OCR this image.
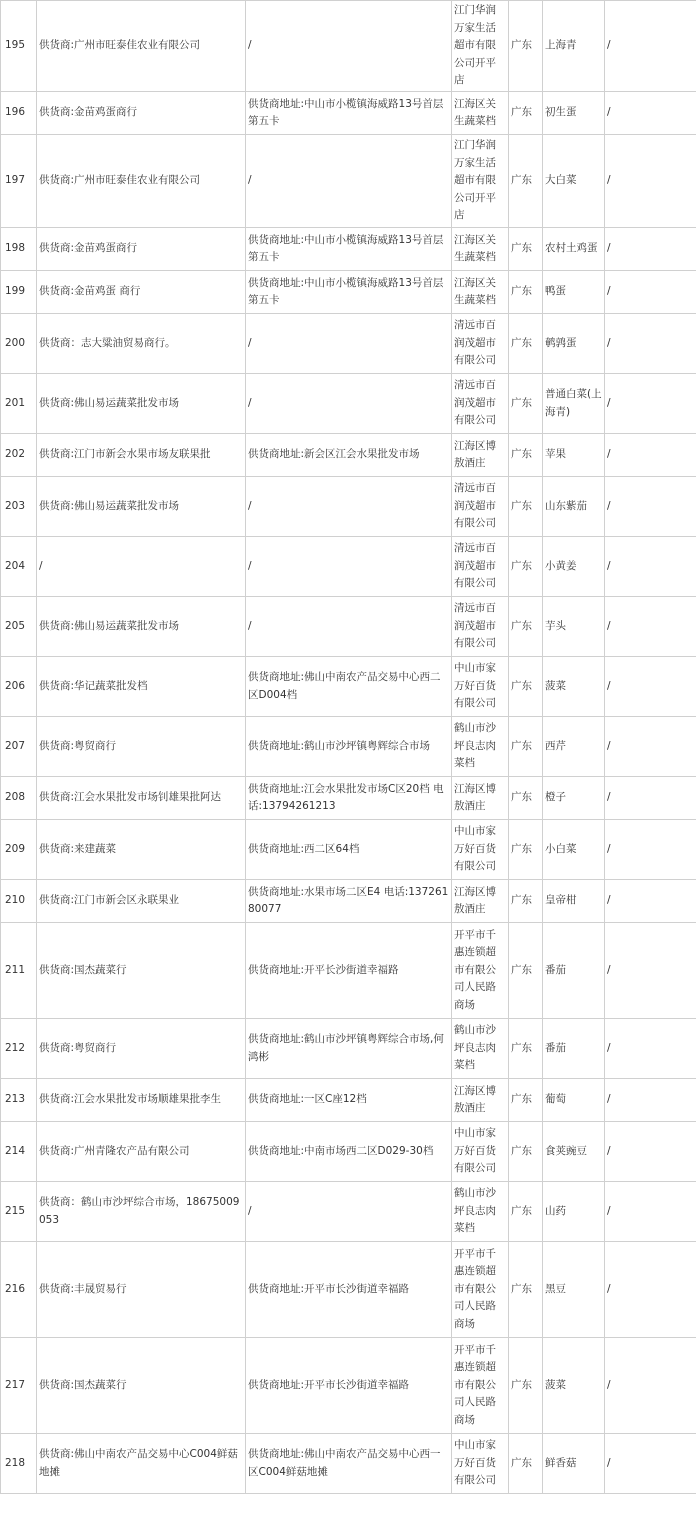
195	供货商:广州市旺泰佳农业有限公司	/	江门华润万家生活超市有限公司开平店	广东	上海青	/
196	供货商:金苗鸡蛋商行	供货商地址:中山市小榄镇海威路13号首层第五卡	江海区关生蔬菜档	广东	初生蛋	/
197	供货商:广州市旺泰佳农业有限公司	/	江门华润万家生活超市有限公司开平店	广东	大白菜	/
198	供货商:金苗鸡蛋商行	供货商地址:中山市小榄镇海威路13号首层第五卡	江海区关生蔬菜档	广东	农村土鸡蛋	/
199	供货商:金苗鸡蛋 商行	供货商地址:中山市小榄镇海威路13号首层第五卡	江海区关生蔬菜档	广东	鸭蛋	/
200	供货商：志大粱油贸易商行。	/	清远市百润茂超市有限公司	广东	鹌鹑蛋	/
201	供货商:佛山易运蔬菜批发市场	/	清远市百润茂超市有限公司	广东	普通白菜(上海青)	/
202	供货商:江门市新会水果市场友联果批	供货商地址:新会区江会水果批发市场	江海区博敖酒庄	广东	苹果	/
203	供货商:佛山易运蔬菜批发市场	/	清远市百润茂超市有限公司	广东	山东紫茄	/
204	/	/	清远市百润茂超市有限公司	广东	小黄姜	/
205	供货商:佛山易运蔬菜批发市场	/	清远市百润茂超市有限公司	广东	芋头	/
206	供货商:华记蔬菜批发档	供货商地址:佛山中南农产品交易中心西二区D004档	中山市家万好百货有限公司	广东	菠菜	/
207	供货商:粤贸商行	供货商地址:鹤山市沙坪镇粤辉综合市场	鹤山市沙坪良志肉菜档	广东	西芹	/
208	供货商:江会水果批发市场钊雄果批阿达	供货商地址:江会水果批发市场C区20档 电话:13794261213	江海区博敖酒庄	广东	橙子	/
209	供货商:来建蔬菜	供货商地址:西二区64档	中山市家万好百货有限公司	广东	小白菜	/
210	供货商:江门市新会区永联果业	供货商地址:水果市场二区E4 电话:13726180077	江海区博敖酒庄	广东	皇帝柑	/
211	供货商:国杰蔬菜行	供货商地址:开平长沙街道幸福路	开平市千惠连锁超市有限公司人民路商场	广东	番茄	/
212	供货商:粤贸商行	供货商地址:鹤山市沙坪镇粤辉综合市场,何鸿彬	鹤山市沙坪良志肉菜档	广东	番茄	/
213	供货商:江会水果批发市场顺雄果批李生	供货商地址:一区C座12档	江海区博敖酒庄	广东	葡萄	/
214	供货商:广州青隆农产品有限公司	供货商地址:中南市场西二区D029-30档	中山市家万好百货有限公司	广东	食荚豌豆	/
215	供货商：鹤山市沙坪综合市场，18675009053	/	鹤山市沙坪良志肉菜档	广东	山药	/
216	供货商:丰晟贸易行	供货商地址:开平市长沙街道幸福路	开平市千惠连锁超市有限公司人民路商场	广东	黑豆	/
217	供货商:国杰蔬菜行	供货商地址:开平市长沙街道幸福路	开平市千惠连锁超市有限公司人民路商场	广东	菠菜	/
218	供货商:佛山中南农产品交易中心C004鲜菇地摊	供货商地址:佛山中南农产品交易中心西一区C004鲜菇地摊	中山市家万好百货有限公司	广东	鲜香菇	/
